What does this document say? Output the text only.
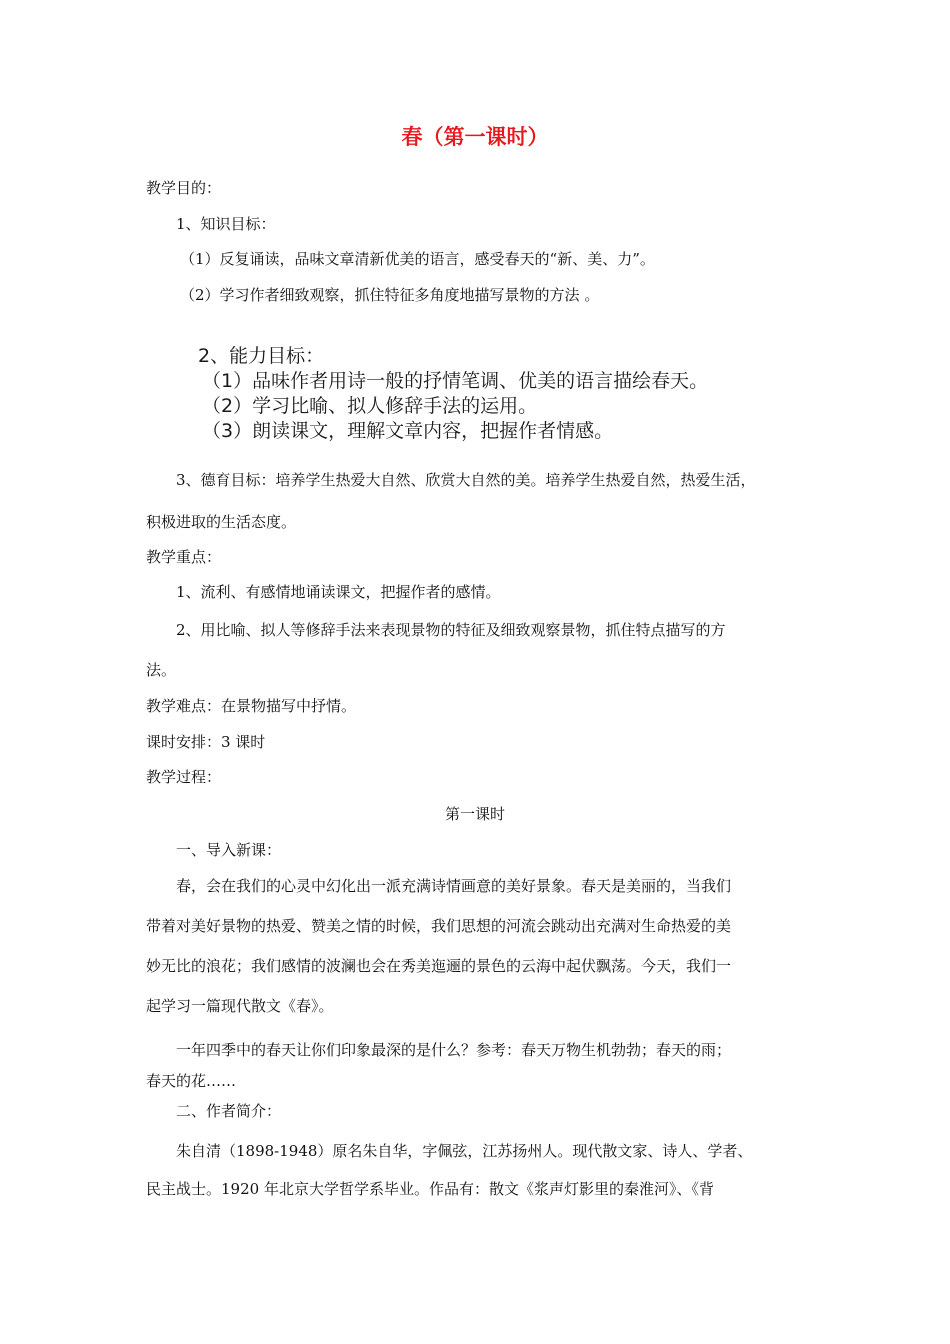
春（第一课时）
教学目的：
1、知识目标：
（1）反复诵读，品味文章清新优美的语言，感受春天的“新、美、力”。
（2）学习作者细致观察，抓住特征多角度地描写景物的方法 。
2、能力目标：
（1）品味作者用诗一般的抒情笔调、优美的语言描绘春天。
（2）学习比喻、拟人修辞手法的运用。
（3）朗读课文，理解文章内容，把握作者情感。
3、德育目标：培养学生热爱大自然、欣赏大自然的美。培养学生热爱自然，热爱生活，
积极进取的生活态度。
教学重点：
1、流利、有感情地诵读课文，把握作者的感情。
2、用比喻、拟人等修辞手法来表现景物的特征及细致观察景物，抓住特点描写的方
法。
教学难点：在景物描写中抒情。
课时安排：3 课时
教学过程：
第一课时
一、导入新课：
春，会在我们的心灵中幻化出一派充满诗情画意的美好景象。春天是美丽的，当我们
带着对美好景物的热爱、赞美之情的时候，我们思想的河流会跳动出充满对生命热爱的美
妙无比的浪花；我们感情的波澜也会在秀美迤逦的景色的云海中起伏飘荡。今天，我们一
起学习一篇现代散文《春》。
一年四季中的春天让你们印象最深的是什么？参考：春天万物生机勃勃；春天的雨；
春天的花……
二、作者简介：
朱自清（1898-1948）原名朱自华，字佩弦，江苏扬州人。现代散文家、诗人、学者、
民主战士。1920 年北京大学哲学系毕业。作品有：散文《浆声灯影里的秦淮河》、《背
